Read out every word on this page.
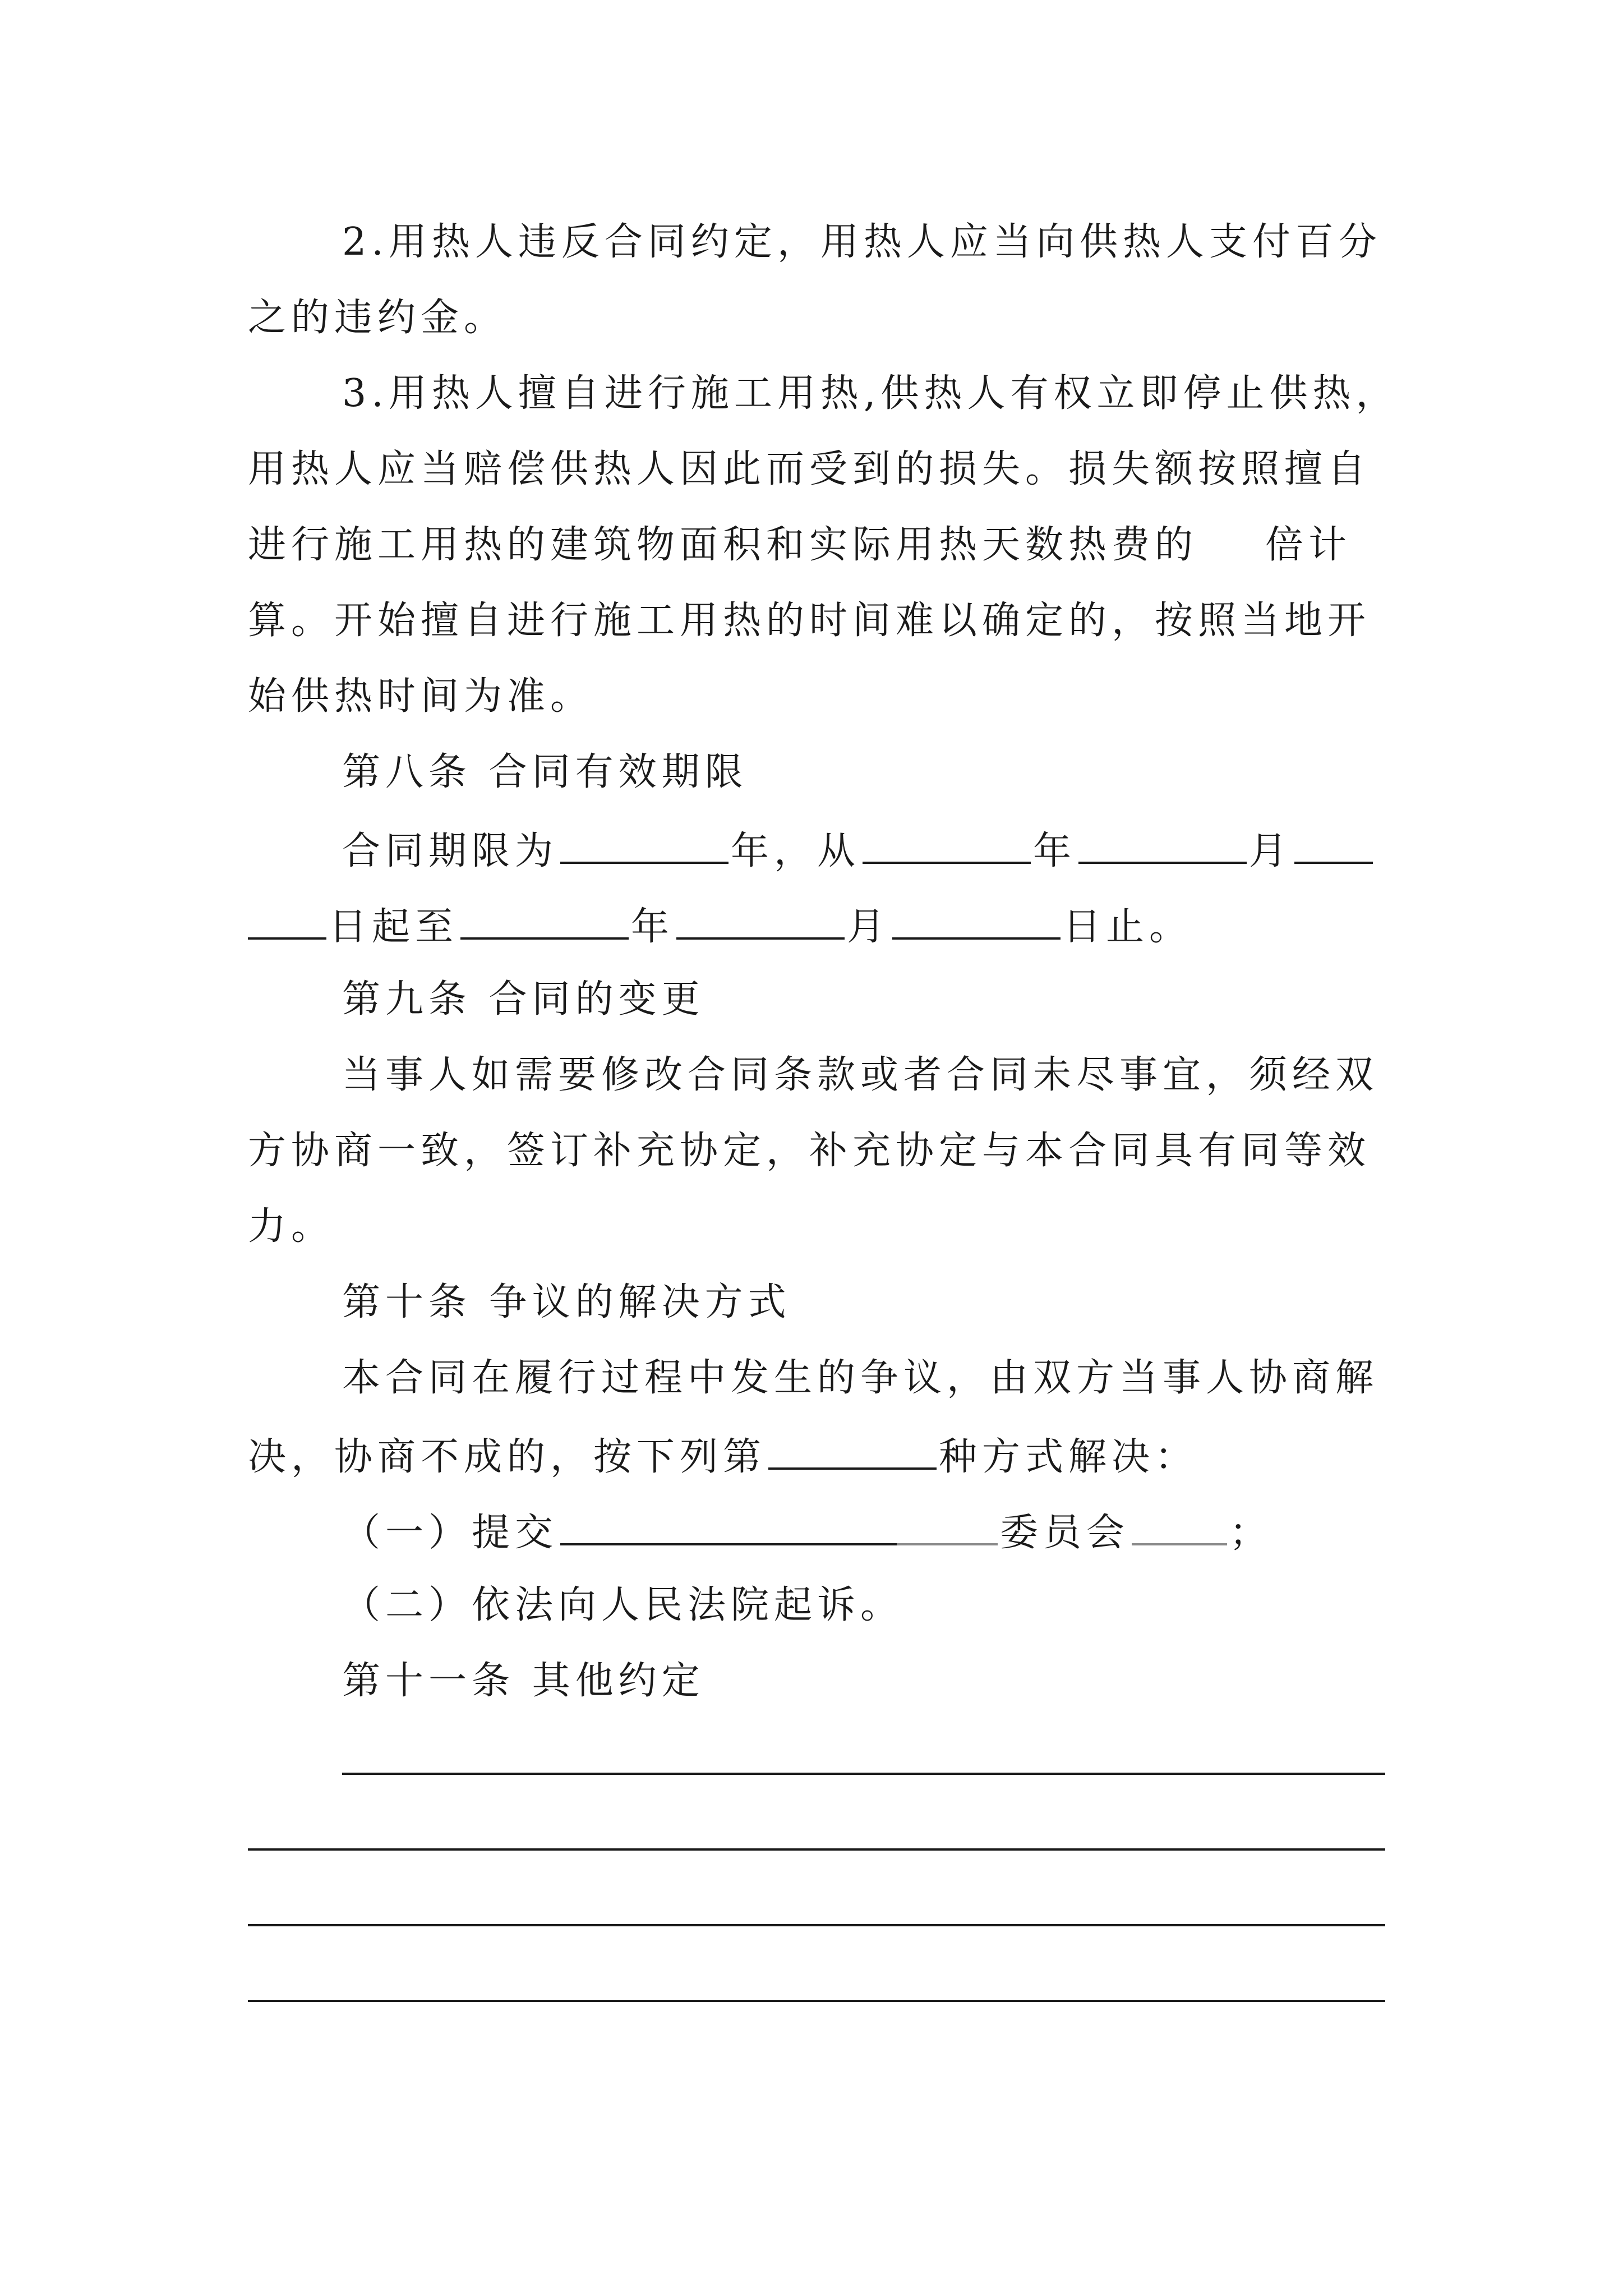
2.用热人违反合同约定，用热人应当向供热人支付百分
之的违约金。
3.用热人擅自进行施工用热,供热人有权立即停止供热，
用热人应当赔偿供热人因此而受到的损失。损失额按照擅自
进行施工用热的建筑物面积和实际用热天数热费的 倍计
算。开始擅自进行施工用热的时间难以确定的，按照当地开
始供热时间为准。
第八条 合同有效期限
合同期限为	年，从	年	月
日起至	年	月	日止。
第九条 合同的变更
当事人如需要修改合同条款或者合同未尽事宜，须经双
方协商一致，签订补充协定，补充协定与本合同具有同等效
力。
第十条 争议的解决方式
本合同在履行过程中发生的争议，由双方当事人协商解
决，协商不成的，按下列第	种方式解决：
（一）提交	委员会	；
（二）依法向人民法院起诉。
第十一条 其他约定
